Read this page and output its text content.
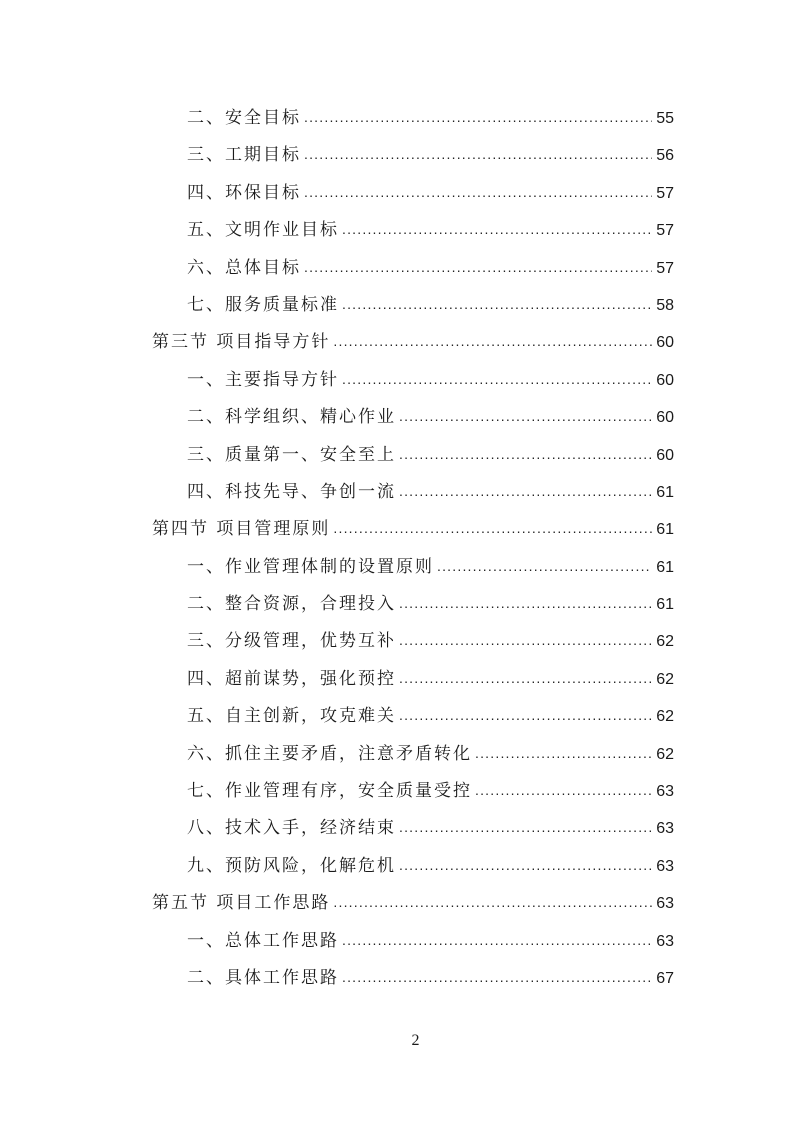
二、安全目标 .....	55
三、工期目标 .....	56
四、环保目标 .....	57
五、文明作业目标 .....	57
六、总体目标 .....	57
七、服务质量标准 .....	58
第三节 项目指导方针 .....	60
一、主要指导方针 .....	60
二、科学组织、精心作业 .....	60
三、质量第一、安全至上 .....	60
四、科技先导、争创一流 .....	61
第四节 项目管理原则 .....	61
一、作业管理体制的设置原则 .....	61
二、整合资源，合理投入 .....	61
三、分级管理，优势互补 .....	62
四、超前谋势，强化预控 .....	62
五、自主创新，攻克难关 .....	62
六、抓住主要矛盾，注意矛盾转化 .....	62
七、作业管理有序，安全质量受控 .....	63
八、技术入手，经济结束 .....	63
九、预防风险，化解危机 .....	63
第五节 项目工作思路 .....	63
一、总体工作思路 .....	63
二、具体工作思路 .....	67
2
